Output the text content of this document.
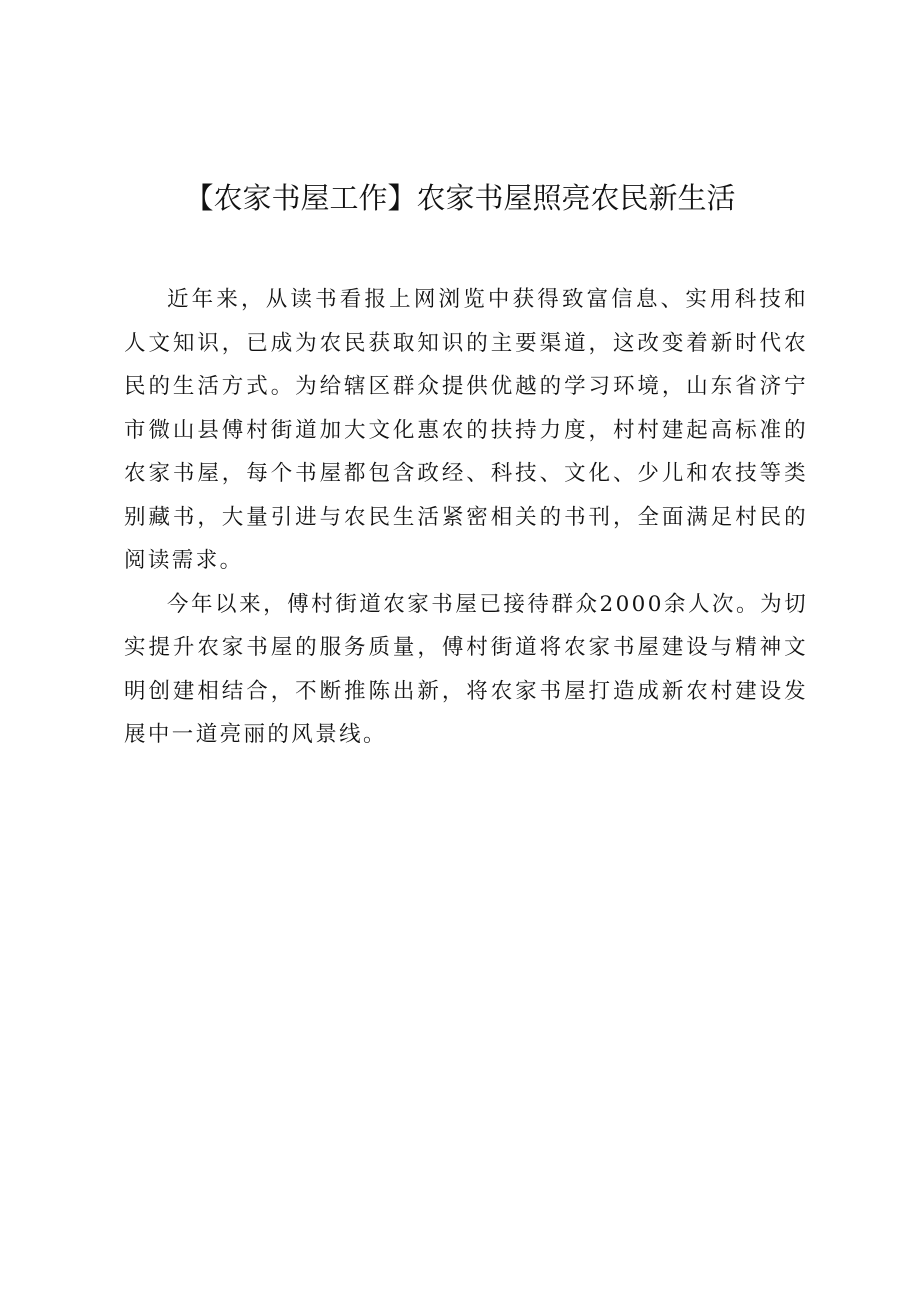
【农家书屋工作】农家书屋照亮农民新生活

近年来，从读书看报上网浏览中获得致富信息、实用科技和人文知识，已成为农民获取知识的主要渠道，这改变着新时代农民的生活方式。为给辖区群众提供优越的学习环境，山东省济宁市微山县傅村街道加大文化惠农的扶持力度，村村建起高标准的农家书屋，每个书屋都包含政经、科技、文化、少儿和农技等类别藏书，大量引进与农民生活紧密相关的书刊，全面满足村民的阅读需求。

今年以来，傅村街道农家书屋已接待群众2000余人次。为切实提升农家书屋的服务质量，傅村街道将农家书屋建设与精神文明创建相结合，不断推陈出新，将农家书屋打造成新农村建设发展中一道亮丽的风景线。
